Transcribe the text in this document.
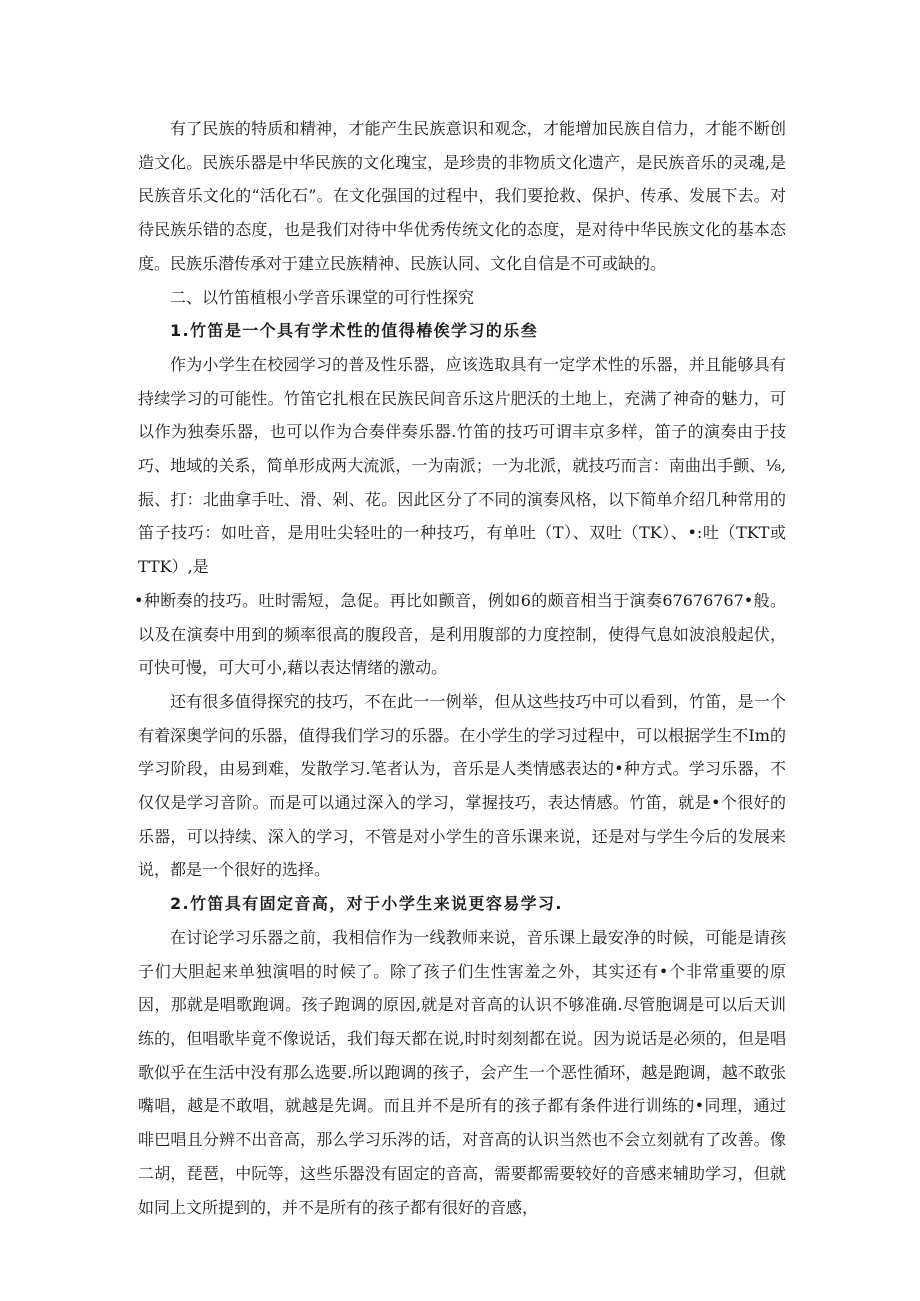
有了民族的特质和精神，才能产生民族意识和观念，才能增加民族自信力，才能不断创造文化。民族乐器是中华民族的文化瑰宝，是珍贵的非物质文化遗产，是民族音乐的灵魂,是民族音乐文化的“活化石”。在文化强国的过程中，我们要抢救、保护、传承、发展下去。对待民族乐错的态度，也是我们对待中华优秀传统文化的态度，是对待中华民族文化的基本态度。民族乐潜传承对于建立民族精神、民族认同、文化自信是不可或缺的。

二、以竹笛植根小学音乐课堂的可行性探究

1.竹笛是一个具有学术性的值得椿俟学习的乐叁

作为小学生在校园学习的普及性乐器，应该选取具有一定学术性的乐器，并且能够具有持续学习的可能性。竹笛它扎根在民族民间音乐这片肥沃的土地上，充满了神奇的魅力，可以作为独奏乐器，也可以作为合奏伴奏乐器.竹笛的技巧可谓丰京多样，笛子的演奏由于技巧、地域的关系，简单形成两大流派，一为南派；一为北派，就技巧而言：南曲出手颤、⅛,振、打：北曲拿手吐、滑、剁、花。因此区分了不同的演奏风格，以下简单介绍几种常用的笛子技巧：如吐音，是用吐尖轻吐的一种技巧，有单吐（T）、双吐（TK）、•:吐（TKT或TTK）,是

•种断奏的技巧。吐时需短，急促。再比如颤音，例如6的颇音相当于演奏67676767•般。以及在演奏中用到的频率很高的腹段音，是利用腹部的力度控制，使得气息如波浪般起伏，可快可慢，可大可小,藉以表达情绪的激动。

还有很多值得探究的技巧，不在此一一例举，但从这些技巧中可以看到，竹笛，是一个有着深奥学问的乐器，值得我们学习的乐器。在小学生的学习过程中，可以根据学生不Im的学习阶段，由易到难，发散学习.笔者认为，音乐是人类情感表达的•种方式。学习乐器，不仅仅是学习音阶。而是可以通过深入的学习，掌握技巧，表达情感。竹笛，就是•个很好的乐器，可以持续、深入的学习，不管是对小学生的音乐课来说，还是对与学生今后的发展来说，都是一个很好的选择。

2.竹笛具有固定音高，对于小学生来说更容易学习.

在讨论学习乐器之前，我相信作为一线教师来说，音乐课上最安净的时候，可能是请孩子们大胆起来单独演唱的时候了。除了孩子们生性害羞之外，其实还有•个非常重要的原因，那就是唱歌跑调。孩子跑调的原因,就是对音高的认识不够准确.尽管胞调是可以后天训练的，但唱歌毕竟不像说话，我们每天都在说,时时刻刻都在说。因为说话是必须的，但是唱歌似乎在生活中没有那么选要.所以跑调的孩子，会产生一个恶性循环，越是跑调，越不敢张嘴唱，越是不敢唱，就越是先调。而且并不是所有的孩子都有条件进行训练的•同理，通过啡巴唱且分辨不出音高，那么学习乐涔的话，对音高的认识当然也不会立刻就有了改善。像二胡，琵琶，中阮等，这些乐器没有固定的音高，需要都需要较好的音感来辅助学习，但就如同上文所提到的，并不是所有的孩子都有很好的音感，
